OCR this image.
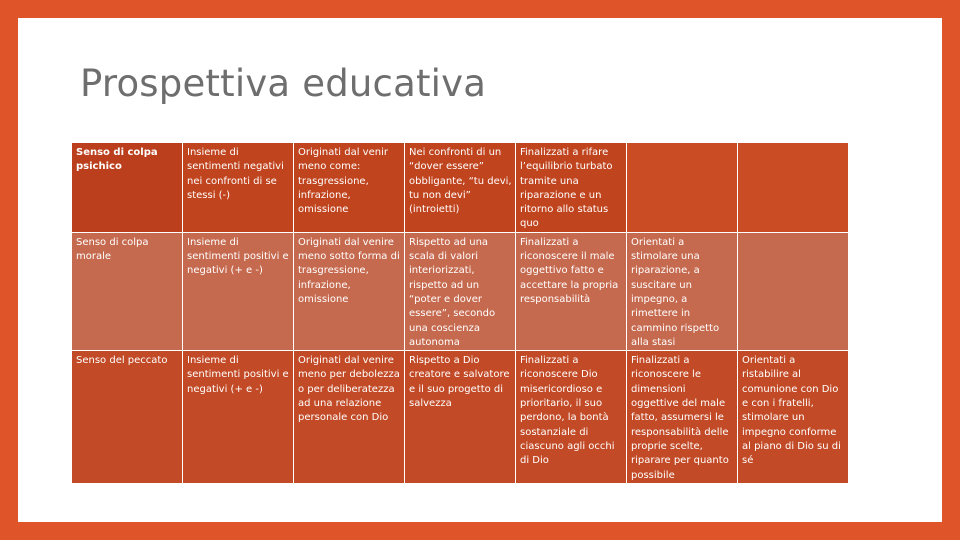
Prospettiva educativa
Senso di colpa psichico	Insieme di sentimenti negativi nei confronti di se stessi (-)	Originati dal venir meno come: trasgressione, infrazione, omissione	Nei confronti di un “dover essere” obbligante, “tu devi, tu non devi” (introietti)	Finalizzati a rifare l’equilibrio turbato tramite una riparazione e un ritorno allo status quo		
Senso di colpa morale	Insieme di sentimenti positivi e negativi (+ e -)	Originati dal venire meno sotto forma di trasgressione, infrazione, omissione	Rispetto ad una scala di valori interiorizzati, rispetto ad un “poter e dover essere”, secondo una coscienza autonoma	Finalizzati a riconoscere il male oggettivo fatto e accettare la propria responsabilità	Orientati a stimolare una riparazione, a suscitare un impegno, a rimettere in cammino rispetto alla stasi	
Senso del peccato	Insieme di sentimenti positivi e negativi (+ e -)	Originati dal venire meno per debolezza o per deliberatezza ad una relazione personale con Dio	Rispetto a Dio creatore e salvatore e il suo progetto di salvezza	Finalizzati a riconoscere Dio misericordioso e prioritario, il suo perdono, la bontà sostanziale di ciascuno agli occhi di Dio	Finalizzati a riconoscere le dimensioni oggettive del male fatto, assumersi le responsabilità delle proprie scelte, riparare per quanto possibile	Orientati a ristabilire al comunione con Dio e con i fratelli, stimolare un impegno conforme al piano di Dio su di sé
